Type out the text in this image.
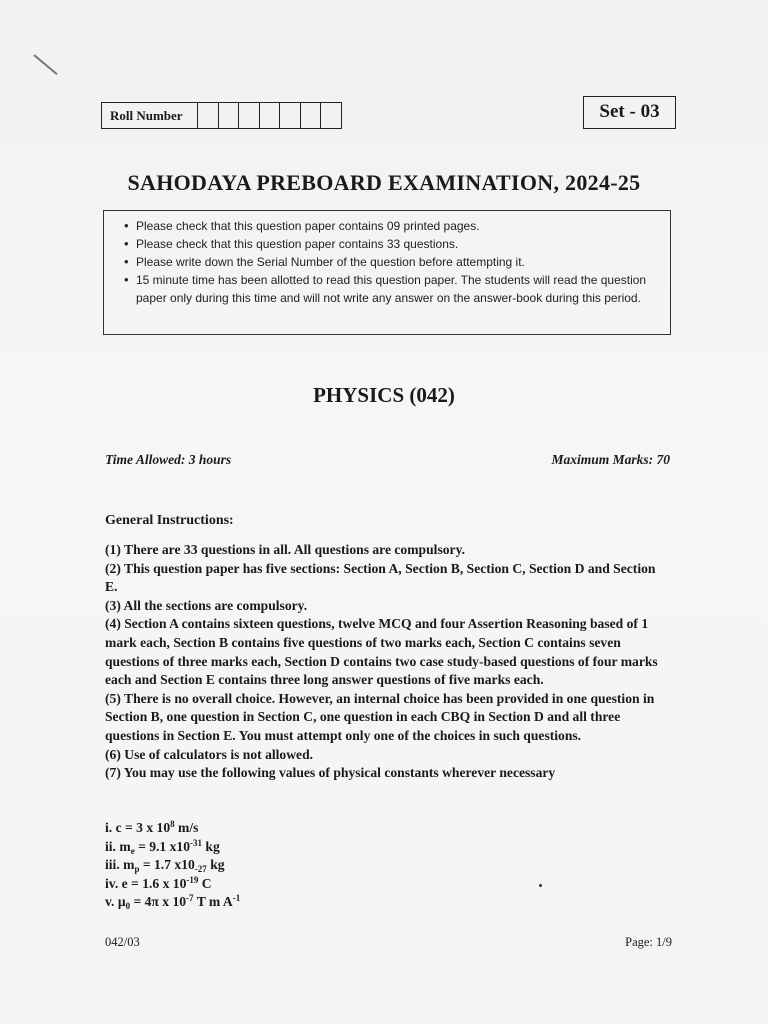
Roll Number	Set - 03
SAHODAYA PREBOARD EXAMINATION, 2024-25
• Please check that this question paper contains 09 printed pages.
• Please check that this question paper contains 33 questions.
• Please write down the Serial Number of the question before attempting it.
• 15 minute time has been allotted to read this question paper. The students will read the question paper only during this time and will not write any answer on the answer-book during this period.
PHYSICS (042)
Time Allowed: 3 hours	Maximum Marks: 70
General Instructions:

(1) There are 33 questions in all. All questions are compulsory.

(2) This question paper has five sections: Section A, Section B, Section C, Section D and Section E.

(3) All the sections are compulsory.

(4) Section A contains sixteen questions, twelve MCQ and four Assertion Reasoning based of 1 mark each, Section B contains five questions of two marks each, Section C contains seven questions of three marks each, Section D contains two case study-based questions of four marks each and Section E contains three long answer questions of five marks each.

(5) There is no overall choice. However, an internal choice has been provided in one question in Section B, one question in Section C, one question in each CBQ in Section D and all three questions in Section E. You must attempt only one of the choices in such questions.

(6) Use of calculators is not allowed.

(7) You may use the following values of physical constants wherever necessary

i. c = 3 x $10^8$ m/s

ii. $m_e = 9.1$ $x10^{-31}$ kg

iii. $m_p = 1.7$ $x10_{-27}$ kg

iv. e = 1.6 x $10^{-19}$ C

v. $\mu_0 = 4\pi$ x $10^{-7}$ T m $A^{-1}$

042/03	Page: 1/9
